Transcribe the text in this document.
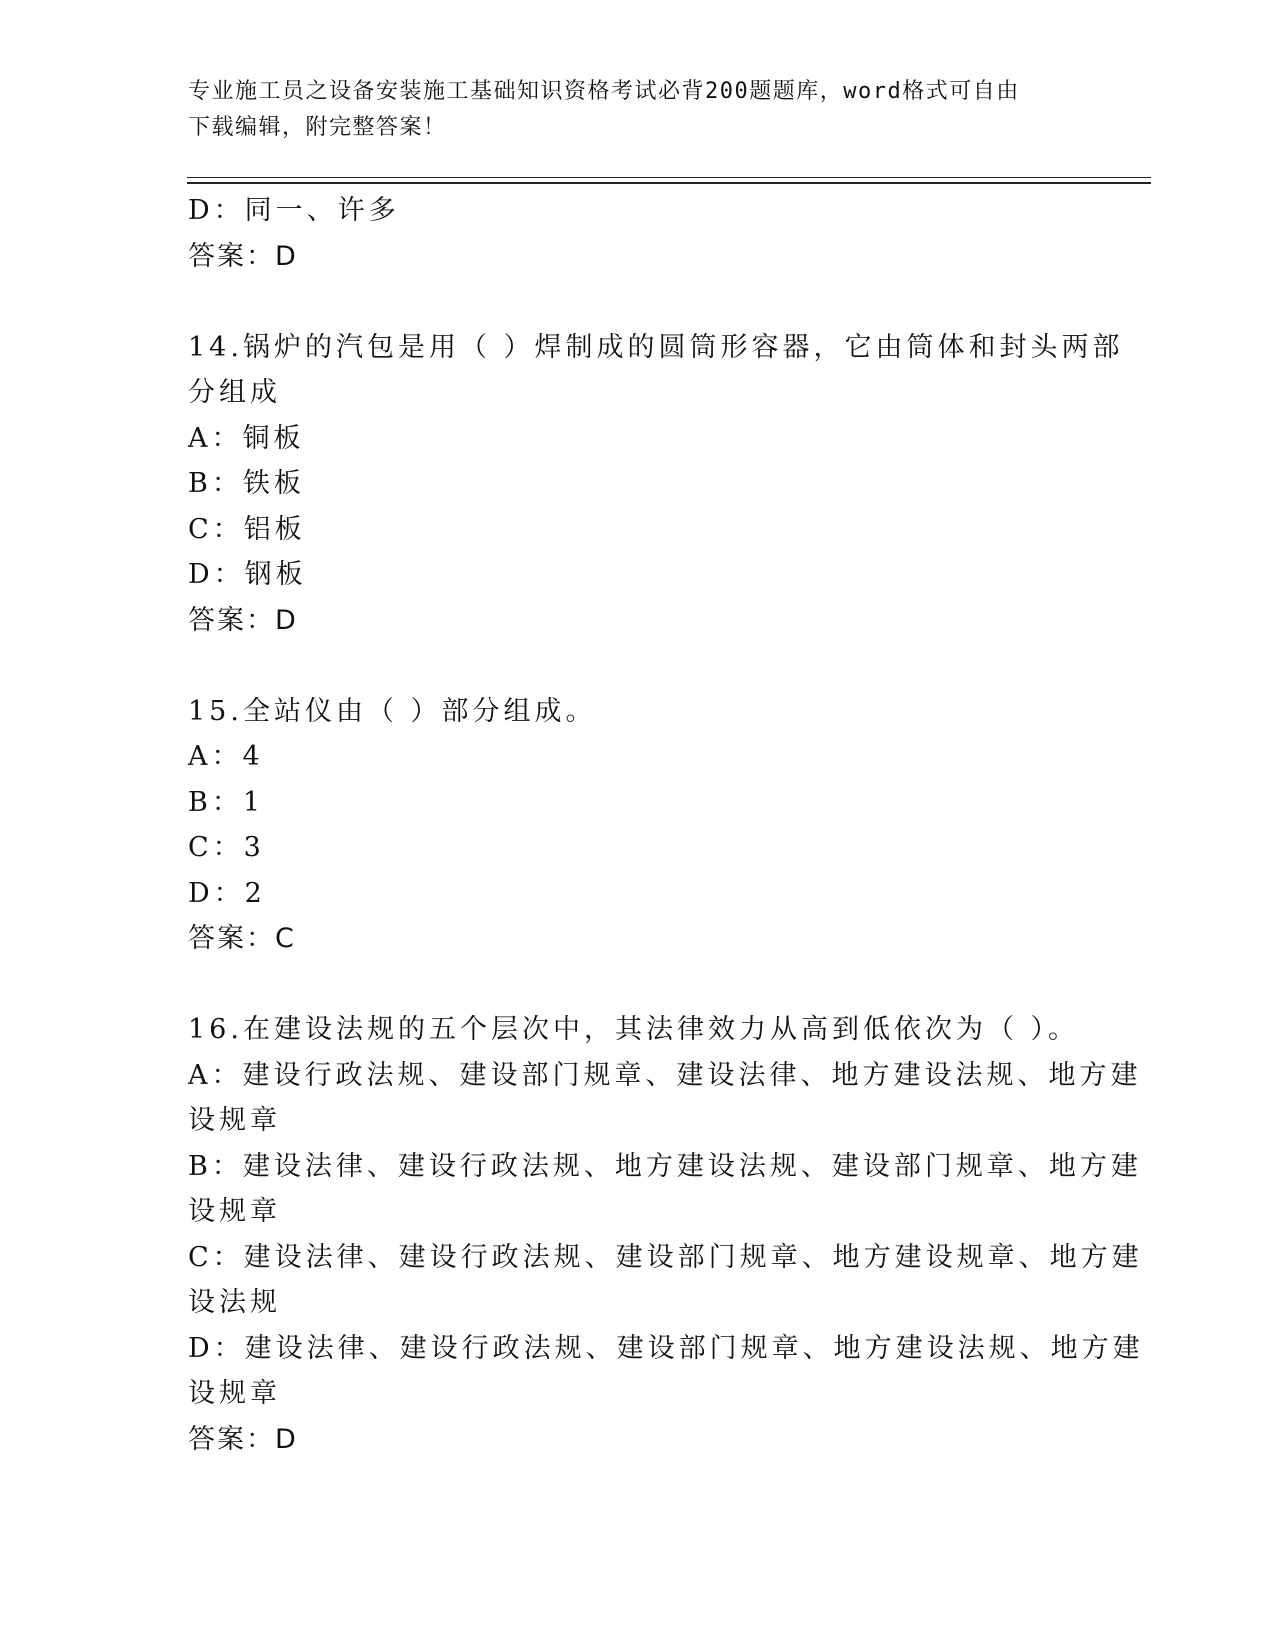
专业施工员之设备安装施工基础知识资格考试必背200题题库，word格式可自由
下载编辑，附完整答案！
D：同一、许多
答案：D
14.锅炉的汽包是用（ ）焊制成的圆筒形容器，它由筒体和封头两部
分组成
A：铜板
B：铁板
C：铝板
D：钢板
答案：D
15.全站仪由（ ）部分组成。
A：4
B：1
C：3
D：2
答案：C
16.在建设法规的五个层次中，其法律效力从高到低依次为（ ）。
A：建设行政法规、建设部门规章、建设法律、地方建设法规、地方建
设规章
B：建设法律、建设行政法规、地方建设法规、建设部门规章、地方建
设规章
C：建设法律、建设行政法规、建设部门规章、地方建设规章、地方建
设法规
D：建设法律、建设行政法规、建设部门规章、地方建设法规、地方建
设规章
答案：D
